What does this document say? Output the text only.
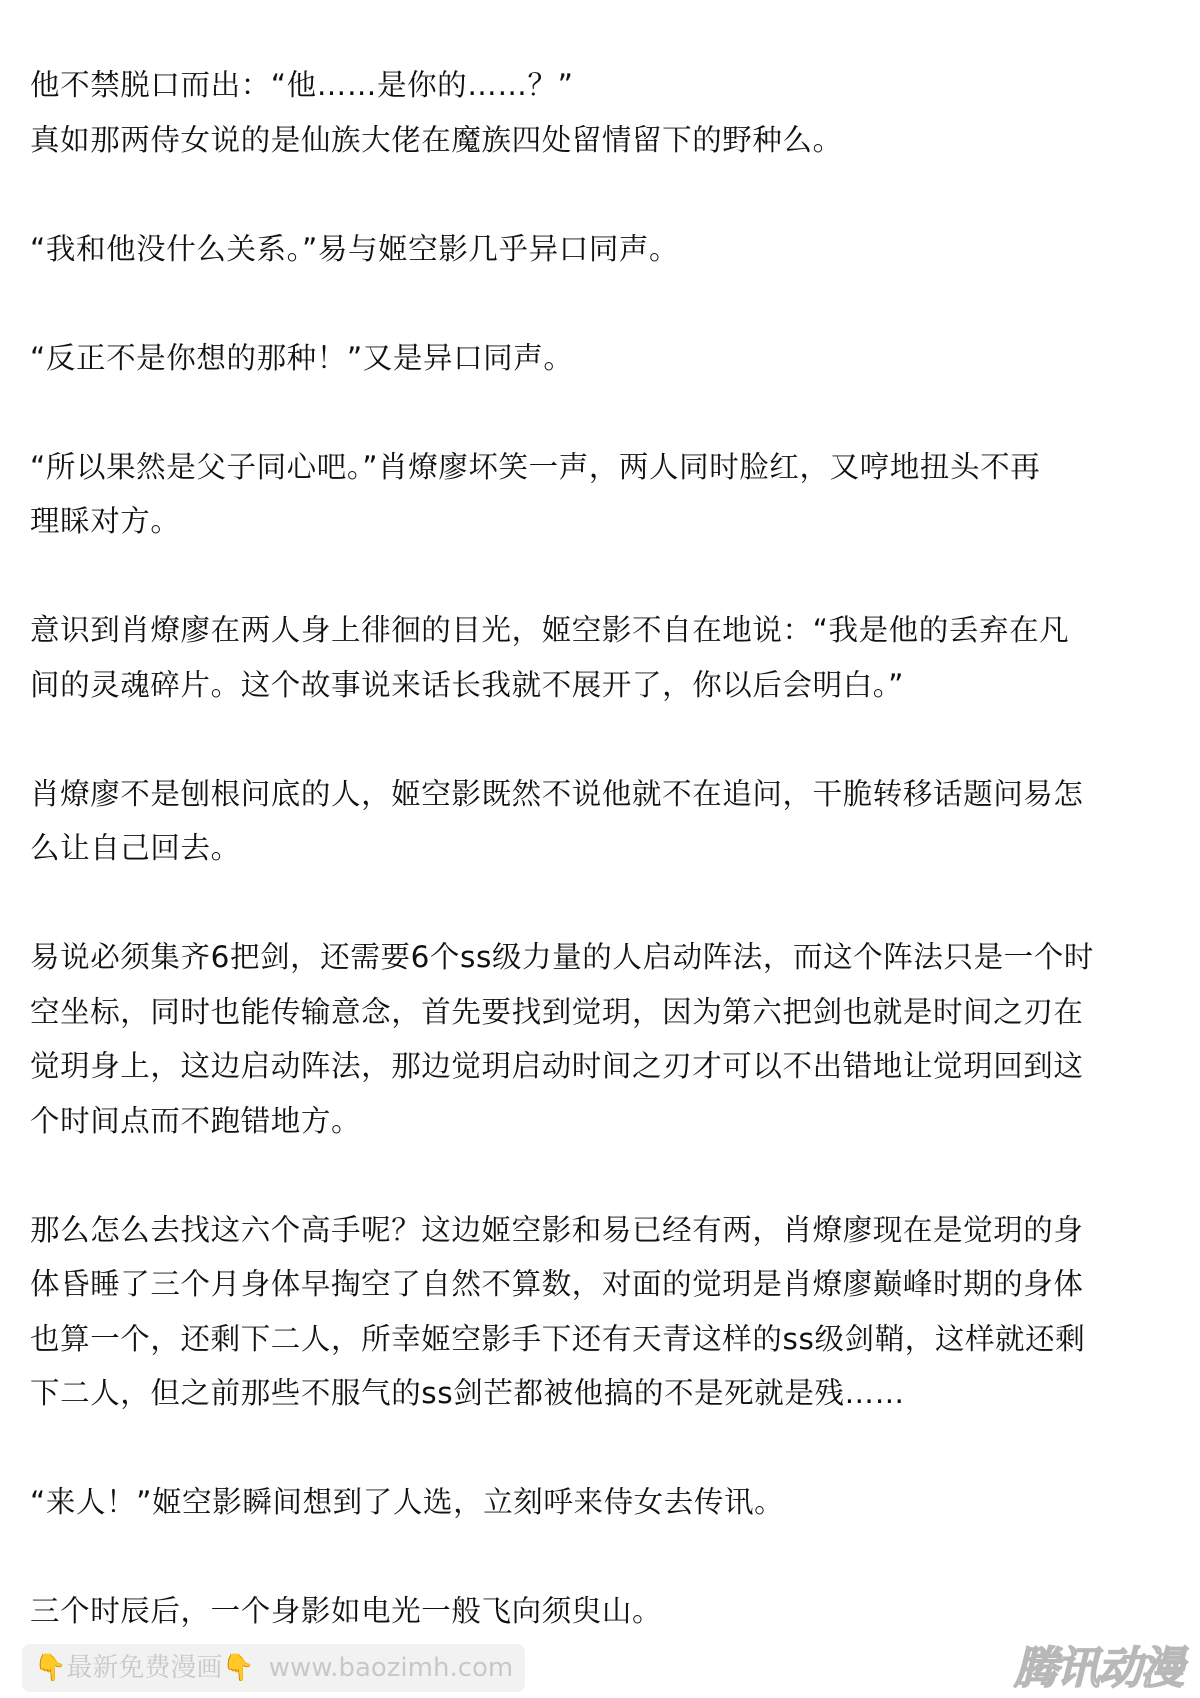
他不禁脱口而出：“他……是你的……？”
真如那两侍女说的是仙族大佬在魔族四处留情留下的野种么。
“我和他没什么关系。”易与姬空影几乎异口同声。
“反正不是你想的那种！”又是异口同声。
“所以果然是父子同心吧。”肖燎廖坏笑一声，两人同时脸红，又哼地扭头不再
理睬对方。
意识到肖燎廖在两人身上徘徊的目光，姬空影不自在地说：“我是他的丢弃在凡
间的灵魂碎片。这个故事说来话长我就不展开了，你以后会明白。”
肖燎廖不是刨根问底的人，姬空影既然不说他就不在追问，干脆转移话题问易怎
么让自己回去。
易说必须集齐6把剑，还需要6个ss级力量的人启动阵法，而这个阵法只是一个时
空坐标，同时也能传输意念，首先要找到觉玥，因为第六把剑也就是时间之刃在
觉玥身上，这边启动阵法，那边觉玥启动时间之刃才可以不出错地让觉玥回到这
个时间点而不跑错地方。
那么怎么去找这六个高手呢？这边姬空影和易已经有两，肖燎廖现在是觉玥的身
体昏睡了三个月身体早掏空了自然不算数，对面的觉玥是肖燎廖巅峰时期的身体
也算一个，还剩下二人，所幸姬空影手下还有天青这样的ss级剑鞘，这样就还剩
下二人，但之前那些不服气的ss剑芒都被他搞的不是死就是残……
“来人！”姬空影瞬间想到了人选，立刻呼来侍女去传讯。
三个时辰后，一个身影如电光一般飞向须臾山。
👇最新免费漫画👇 www.baozimh.com	腾讯动漫
